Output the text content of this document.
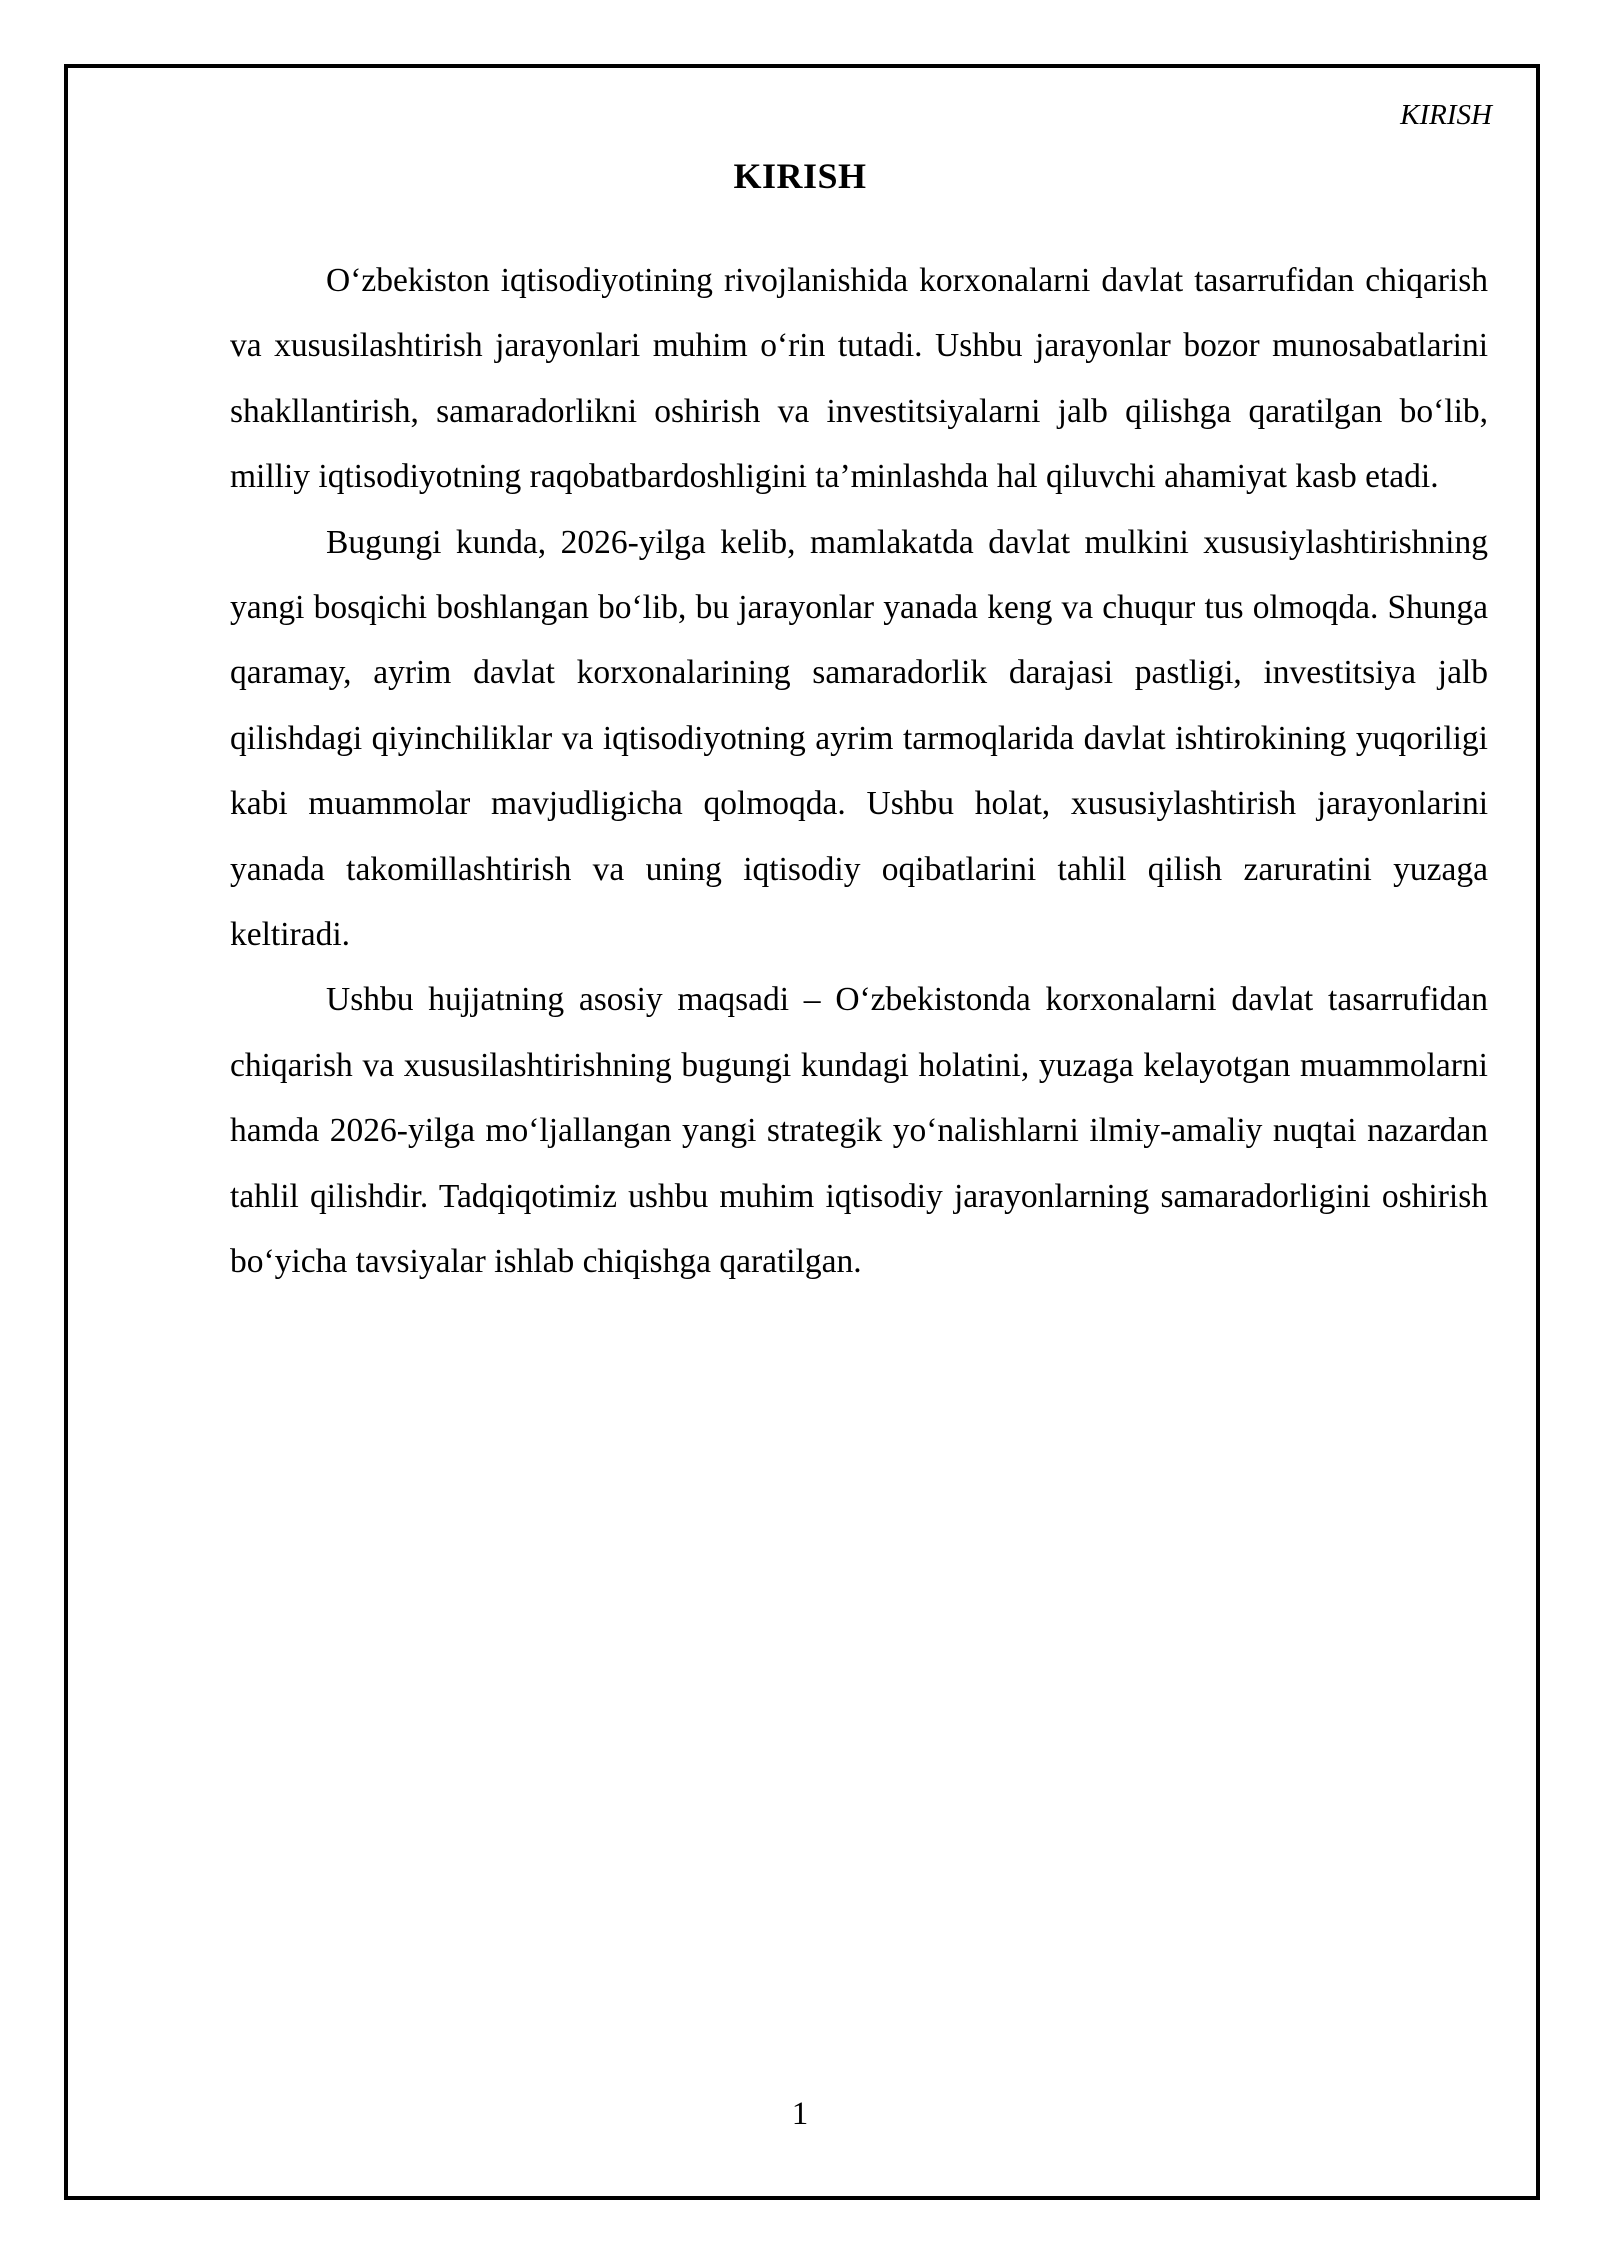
KIRISH
KIRISH

O‘zbekiston iqtisodiyotining rivojlanishida korxonalarni davlat tasarrufidan chiqarish va xususilashtirish jarayonlari muhim o‘rin tutadi. Ushbu jarayonlar bozor munosabatlarini shakllantirish, samaradorlikni oshirish va investitsiyalarni jalb qilishga qaratilgan bo‘lib, milliy iqtisodiyotning raqobatbardoshligini ta’minlashda hal qiluvchi ahamiyat kasb etadi.

Bugungi kunda, 2026-yilga kelib, mamlakatda davlat mulkini xususiylashtirishning yangi bosqichi boshlangan bo‘lib, bu jarayonlar yanada keng va chuqur tus olmoqda. Shunga qaramay, ayrim davlat korxonalarining samaradorlik darajasi pastligi, investitsiya jalb qilishdagi qiyinchiliklar va iqtisodiyotning ayrim tarmoqlarida davlat ishtirokining yuqoriligi kabi muammolar mavjudligicha qolmoqda. Ushbu holat, xususiylashtirish jarayonlarini yanada takomillashtirish va uning iqtisodiy oqibatlarini tahlil qilish zaruratini yuzaga keltiradi.

Ushbu hujjatning asosiy maqsadi – O‘zbekistonda korxonalarni davlat tasarrufidan chiqarish va xususilashtirishning bugungi kundagi holatini, yuzaga kelayotgan muammolarni hamda 2026-yilga mo‘ljallangan yangi strategik yo‘nalishlarni ilmiy-amaliy nuqtai nazardan tahlil qilishdir. Tadqiqotimiz ushbu muhim iqtisodiy jarayonlarning samaradorligini oshirish bo‘yicha tavsiyalar ishlab chiqishga qaratilgan.

1
